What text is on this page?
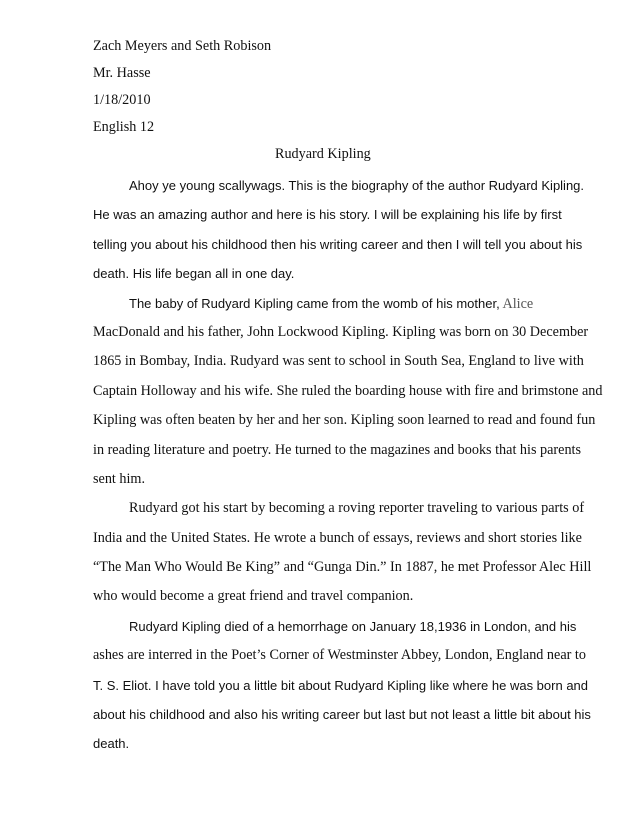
Zach Meyers and Seth Robison
Mr. Hasse
1/18/2010
English 12
Rudyard Kipling
Ahoy ye young scallywags. This is the biography of the author Rudyard Kipling.
He was an amazing author and here is his story. I will be explaining his life by first
telling you about his childhood then his writing career and then I will tell you about his
death. His life began all in one day.
The baby of Rudyard Kipling came from the womb of his mother, Alice
MacDonald and his father, John Lockwood Kipling. Kipling was born on 30 December
1865 in Bombay, India. Rudyard was sent to school in South Sea, England to live with
Captain Holloway and his wife. She ruled the boarding house with fire and brimstone and
Kipling was often beaten by her and her son. Kipling soon learned to read and found fun
in reading literature and poetry. He turned to the magazines and books that his parents
sent him.
Rudyard got his start by becoming a roving reporter traveling to various parts of
India and the United States. He wrote a bunch of essays, reviews and short stories like
“The Man Who Would Be King” and “Gunga Din.” In 1887, he met Professor Alec Hill
who would become a great friend and travel companion.
Rudyard Kipling died of a hemorrhage on January 18,1936 in London, and his
ashes are interred in the Poet’s Corner of Westminster Abbey, London, England near to
T. S. Eliot. I have told you a little bit about Rudyard Kipling like where he was born and
about his childhood and also his writing career but last but not least a little bit about his
death.
